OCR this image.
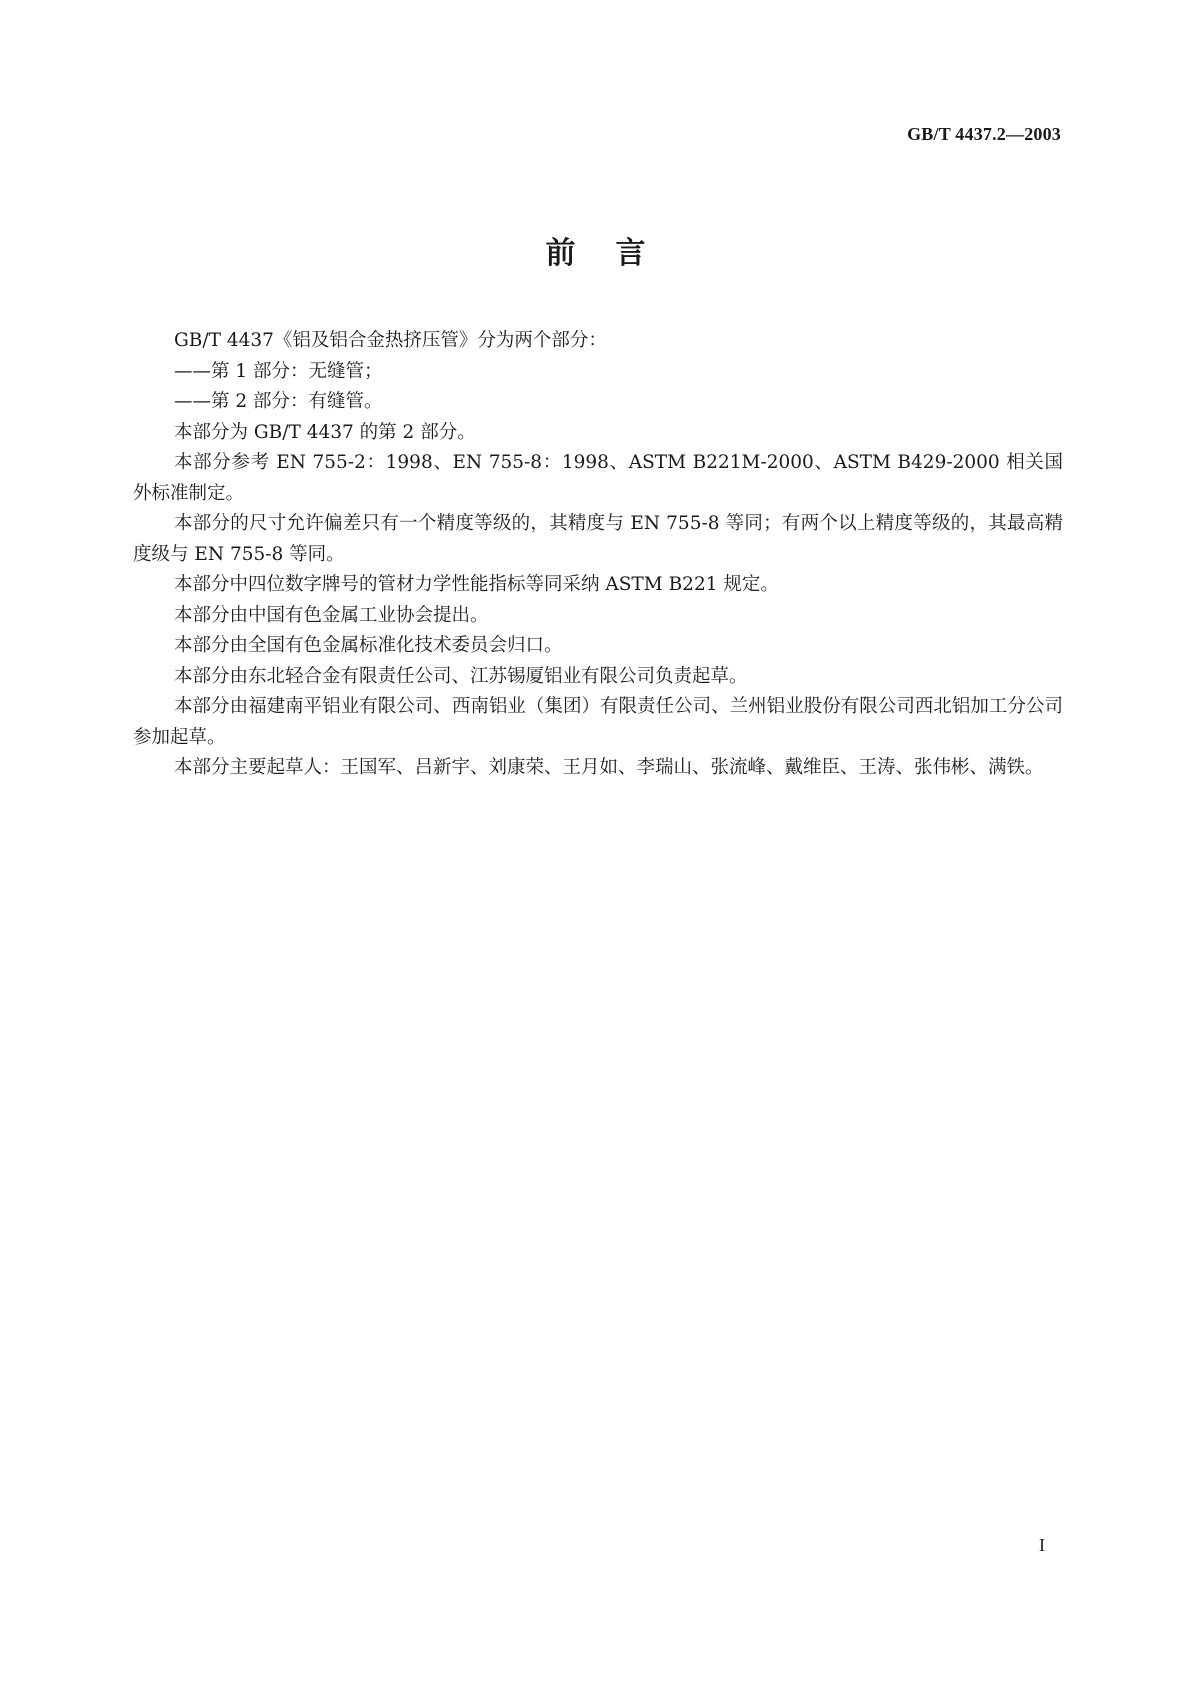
GB/T 4437.2—2003
前言

GB/T 4437《铝及铝合金热挤压管》分为两个部分：

——第 1 部分：无缝管；

——第 2 部分：有缝管。

本部分为 GB/T 4437 的第 2 部分。

本部分参考 EN 755-2：1998、EN 755-8：1998、ASTM B221M-2000、ASTM B429-2000 相关国外标准制定。

本部分的尺寸允许偏差只有一个精度等级的，其精度与 EN 755-8 等同；有两个以上精度等级的，其最高精度级与 EN 755-8 等同。

本部分中四位数字牌号的管材力学性能指标等同采纳 ASTM B221 规定。

本部分由中国有色金属工业协会提出。

本部分由全国有色金属标准化技术委员会归口。

本部分由东北轻合金有限责任公司、江苏锡厦铝业有限公司负责起草。

本部分由福建南平铝业有限公司、西南铝业（集团）有限责任公司、兰州铝业股份有限公司西北铝加工分公司参加起草。

本部分主要起草人：王国军、吕新宇、刘康荣、王月如、李瑞山、张流峰、戴维臣、王涛、张伟彬、满铁。

I
